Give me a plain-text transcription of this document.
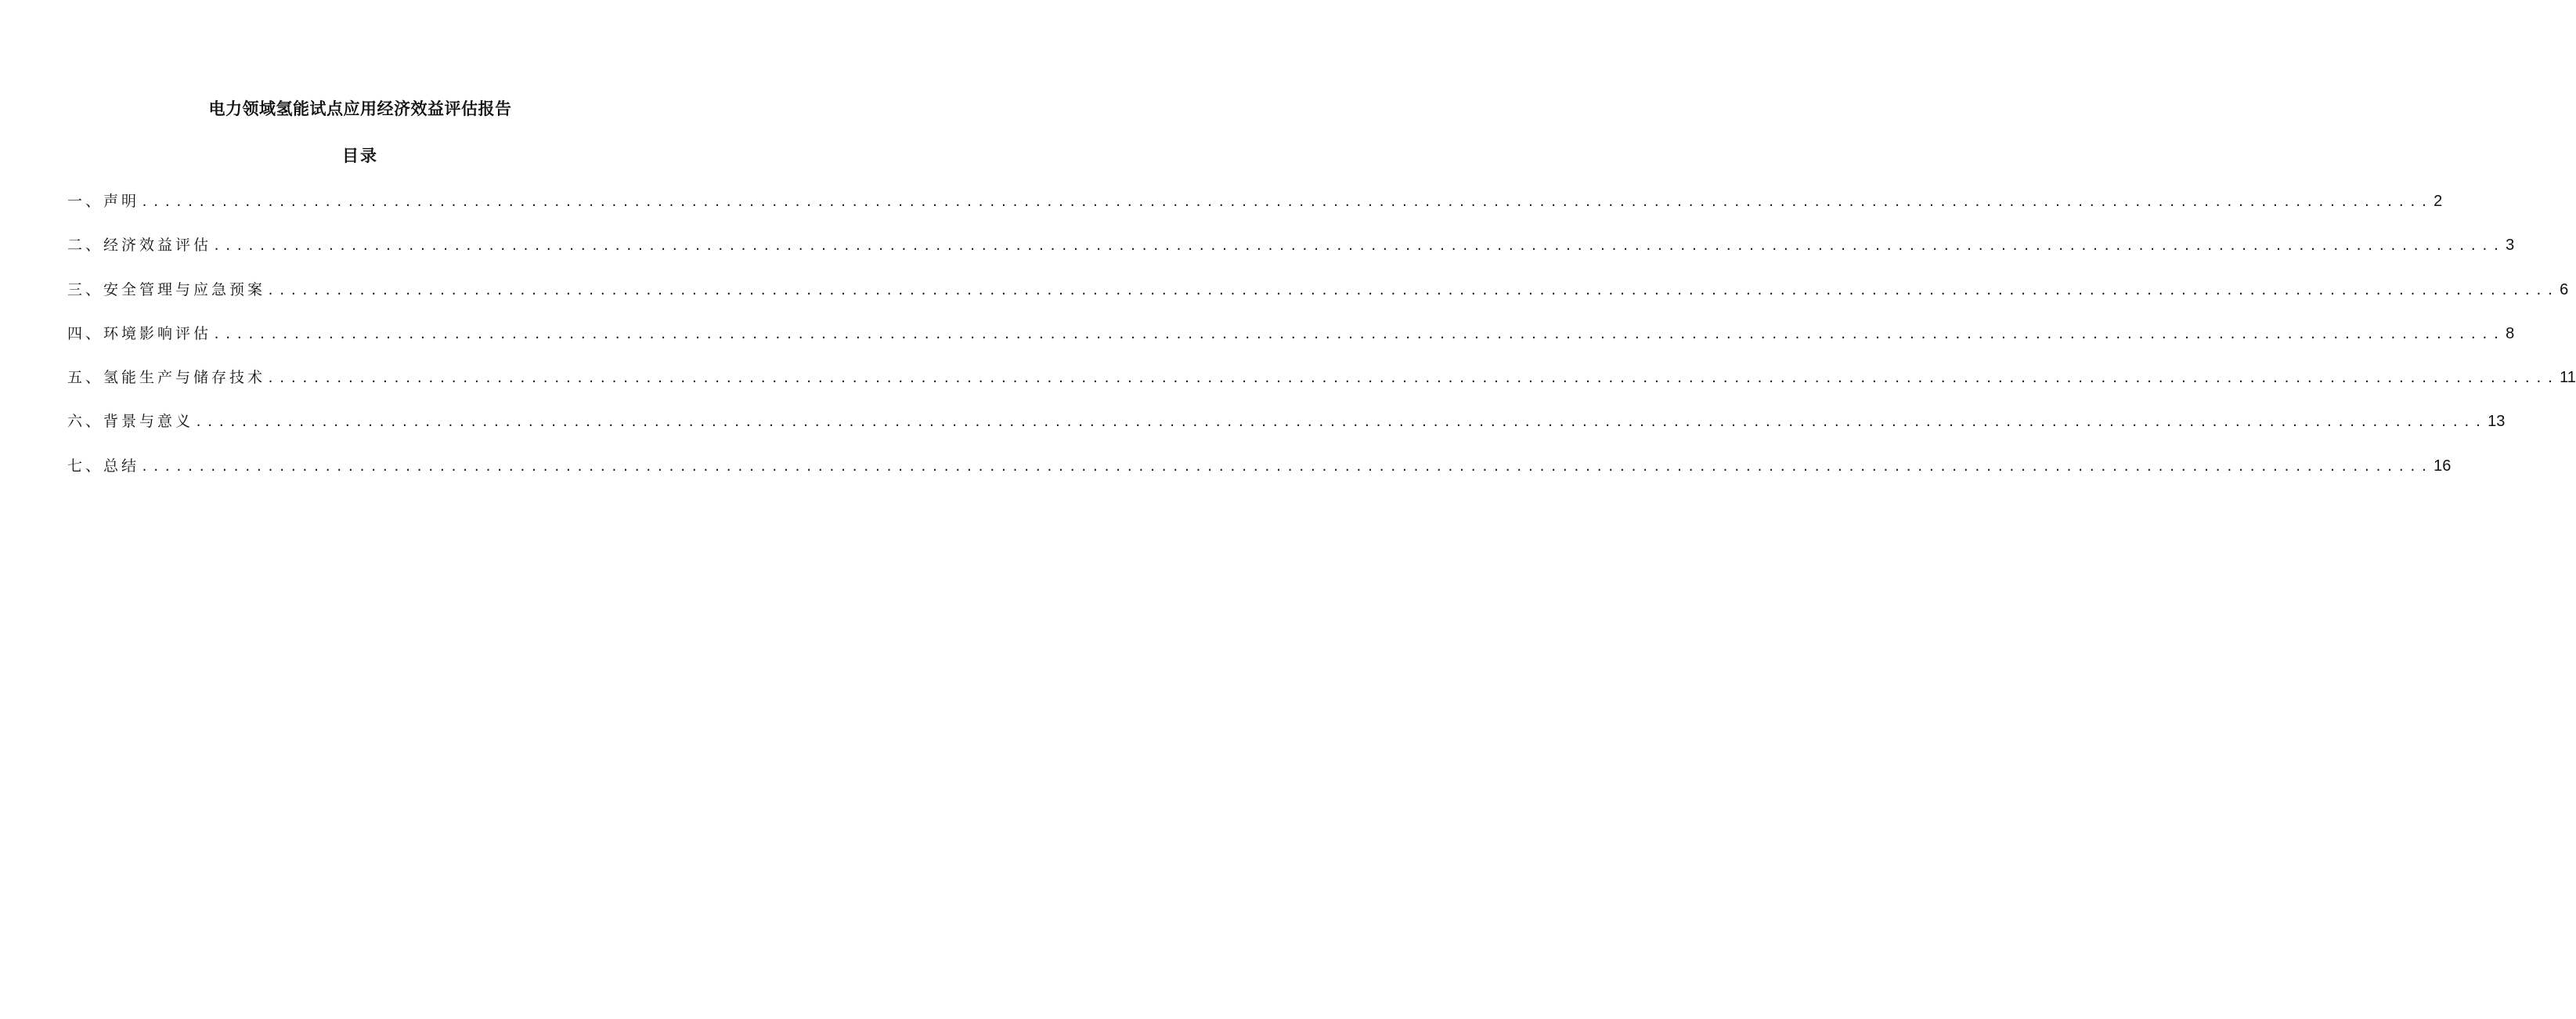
电力领域氢能试点应用经济效益评估报告
目录
一、声明 ........................................................................................................................................................................................................ 2
二、经济效益评估 ........................................................................................................................................................................................................ 3
三、安全管理与应急预案 ........................................................................................................................................................................................................ 6
四、环境影响评估 ........................................................................................................................................................................................................ 8
五、氢能生产与储存技术 ........................................................................................................................................................................................................ 11
六、背景与意义 ........................................................................................................................................................................................................ 13
七、总结 ........................................................................................................................................................................................................ 16
